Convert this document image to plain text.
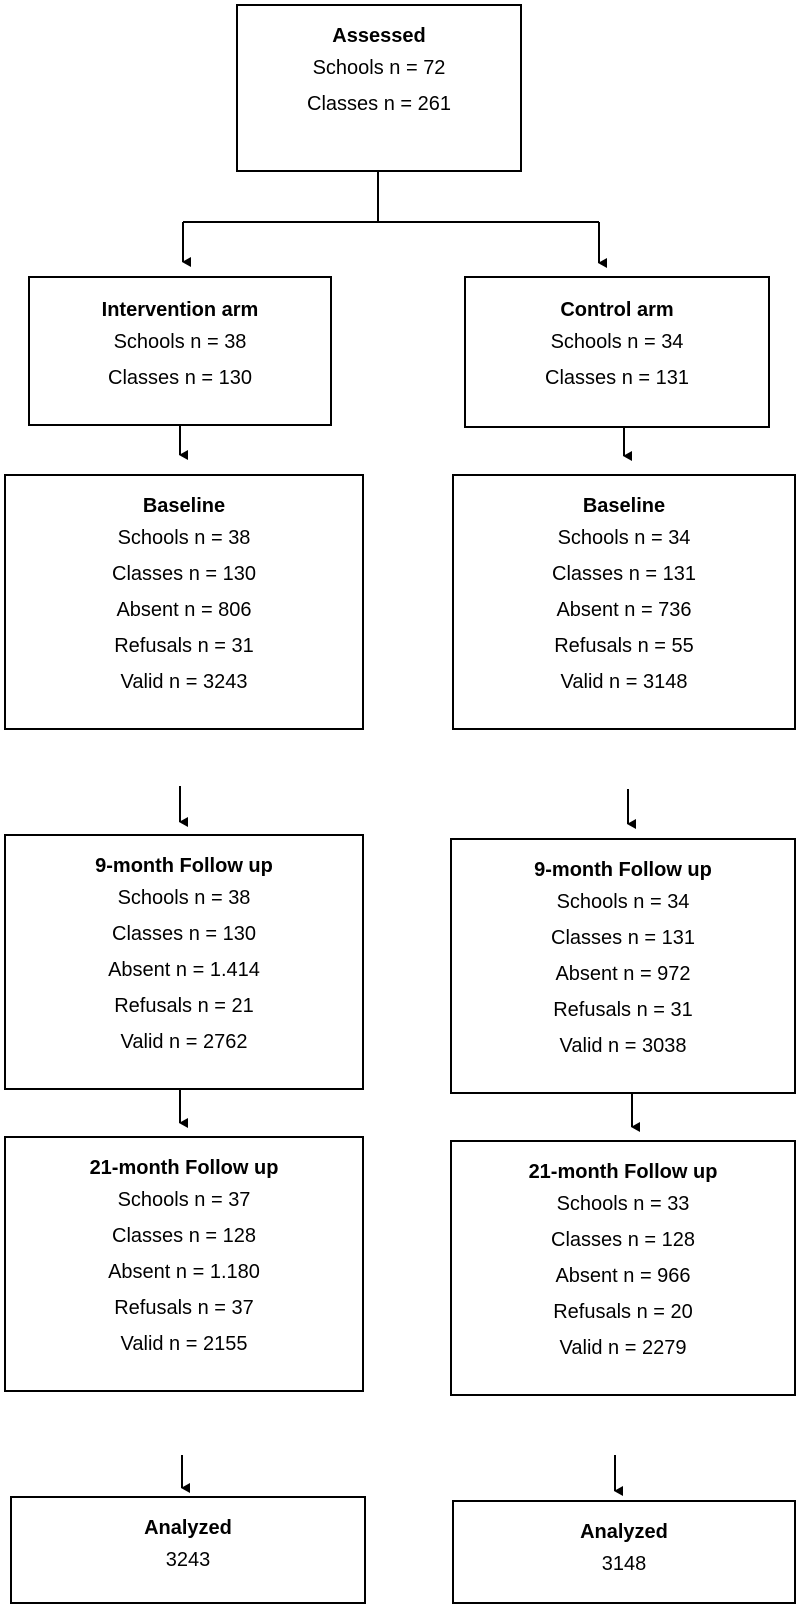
Assessed
Schools n = 72
Classes n = 261
Intervention arm
Schools n = 38
Classes n = 130
Control arm
Schools n = 34
Classes n = 131
Baseline
Schools n = 38
Classes n = 130
Absent n = 806
Refusals n = 31
Valid n = 3243
Baseline
Schools n = 34
Classes n = 131
Absent n = 736
Refusals n = 55
Valid n = 3148
9-month Follow up
Schools n = 38
Classes n = 130
Absent n = 1.414
Refusals n = 21
Valid n = 2762
9-month Follow up
Schools n = 34
Classes n = 131
Absent n = 972
Refusals n = 31
Valid n = 3038
21-month Follow up
Schools n = 37
Classes n = 128
Absent n = 1.180
Refusals n = 37
Valid n = 2155
21-month Follow up
Schools n = 33
Classes n = 128
Absent n = 966
Refusals n = 20
Valid n = 2279
Analyzed
3243
Analyzed
3148
